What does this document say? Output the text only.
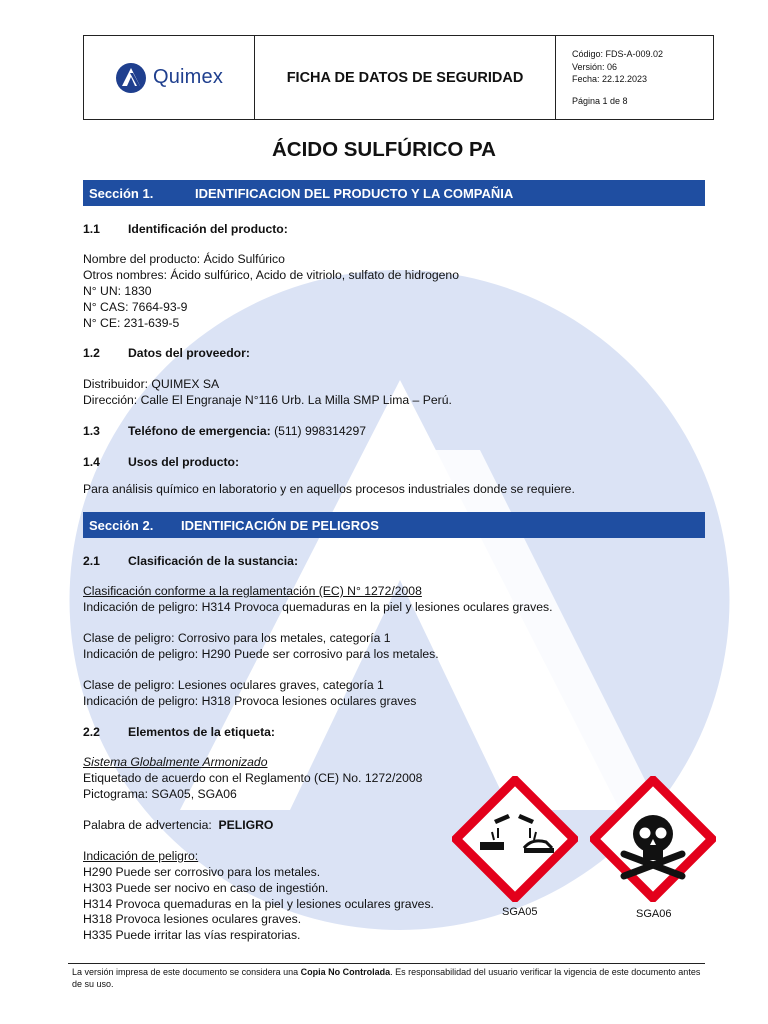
Quimex	FICHA DE DATOS DE SEGURIDAD
Código: FDS-A-009.02
Versión: 06
Fecha: 22.12.2023
Página 1 de 8
ÁCIDO SULFÚRICO PA
Sección 1.	IDENTIFICACION DEL PRODUCTO Y LA COMPAÑIA
1.1 Identificación del producto:
Nombre del producto: Ácido Sulfúrico
Otros nombres: Ácido sulfúrico, Acido de vitriolo, sulfato de hidrogeno
N° UN: 1830
N° CAS: 7664-93-9
N° CE: 231-639-5
1.2 Datos del proveedor:
Distribuidor: QUIMEX SA
Dirección: Calle El Engranaje N°116 Urb. La Milla SMP Lima – Perú.
1.3 Teléfono de emergencia: (511) 998314297
1.4 Usos del producto:
Para análisis químico en laboratorio y en aquellos procesos industriales donde se requiere.
Sección 2.	IDENTIFICACIÓN DE PELIGROS
2.1 Clasificación de la sustancia:
Clasificación conforme a la reglamentación (EC) N° 1272/2008
Indicación de peligro: H314 Provoca quemaduras en la piel y lesiones oculares graves.
Clase de peligro: Corrosivo para los metales, categoría 1
Indicación de peligro: H290 Puede ser corrosivo para los metales.
Clase de peligro: Lesiones oculares graves, categoría 1
Indicación de peligro: H318 Provoca lesiones oculares graves
2.2 Elementos de la etiqueta:
Sistema Globalmente Armonizado
Etiquetado de acuerdo con el Reglamento (CE) No. 1272/2008
Pictograma: SGA05, SGA06
Palabra de advertencia: PELIGRO
Indicación de peligro:
H290 Puede ser corrosivo para los metales.
H303 Puede ser nocivo en caso de ingestión.
H314 Provoca quemaduras en la piel y lesiones oculares graves.
H318 Provoca lesiones oculares graves.
H335 Puede irritar las vías respiratorias.
SGA05	SGA06
La versión impresa de este documento se considera una Copia No Controlada. Es responsabilidad del usuario verificar la vigencia de este documento antes de su uso.
